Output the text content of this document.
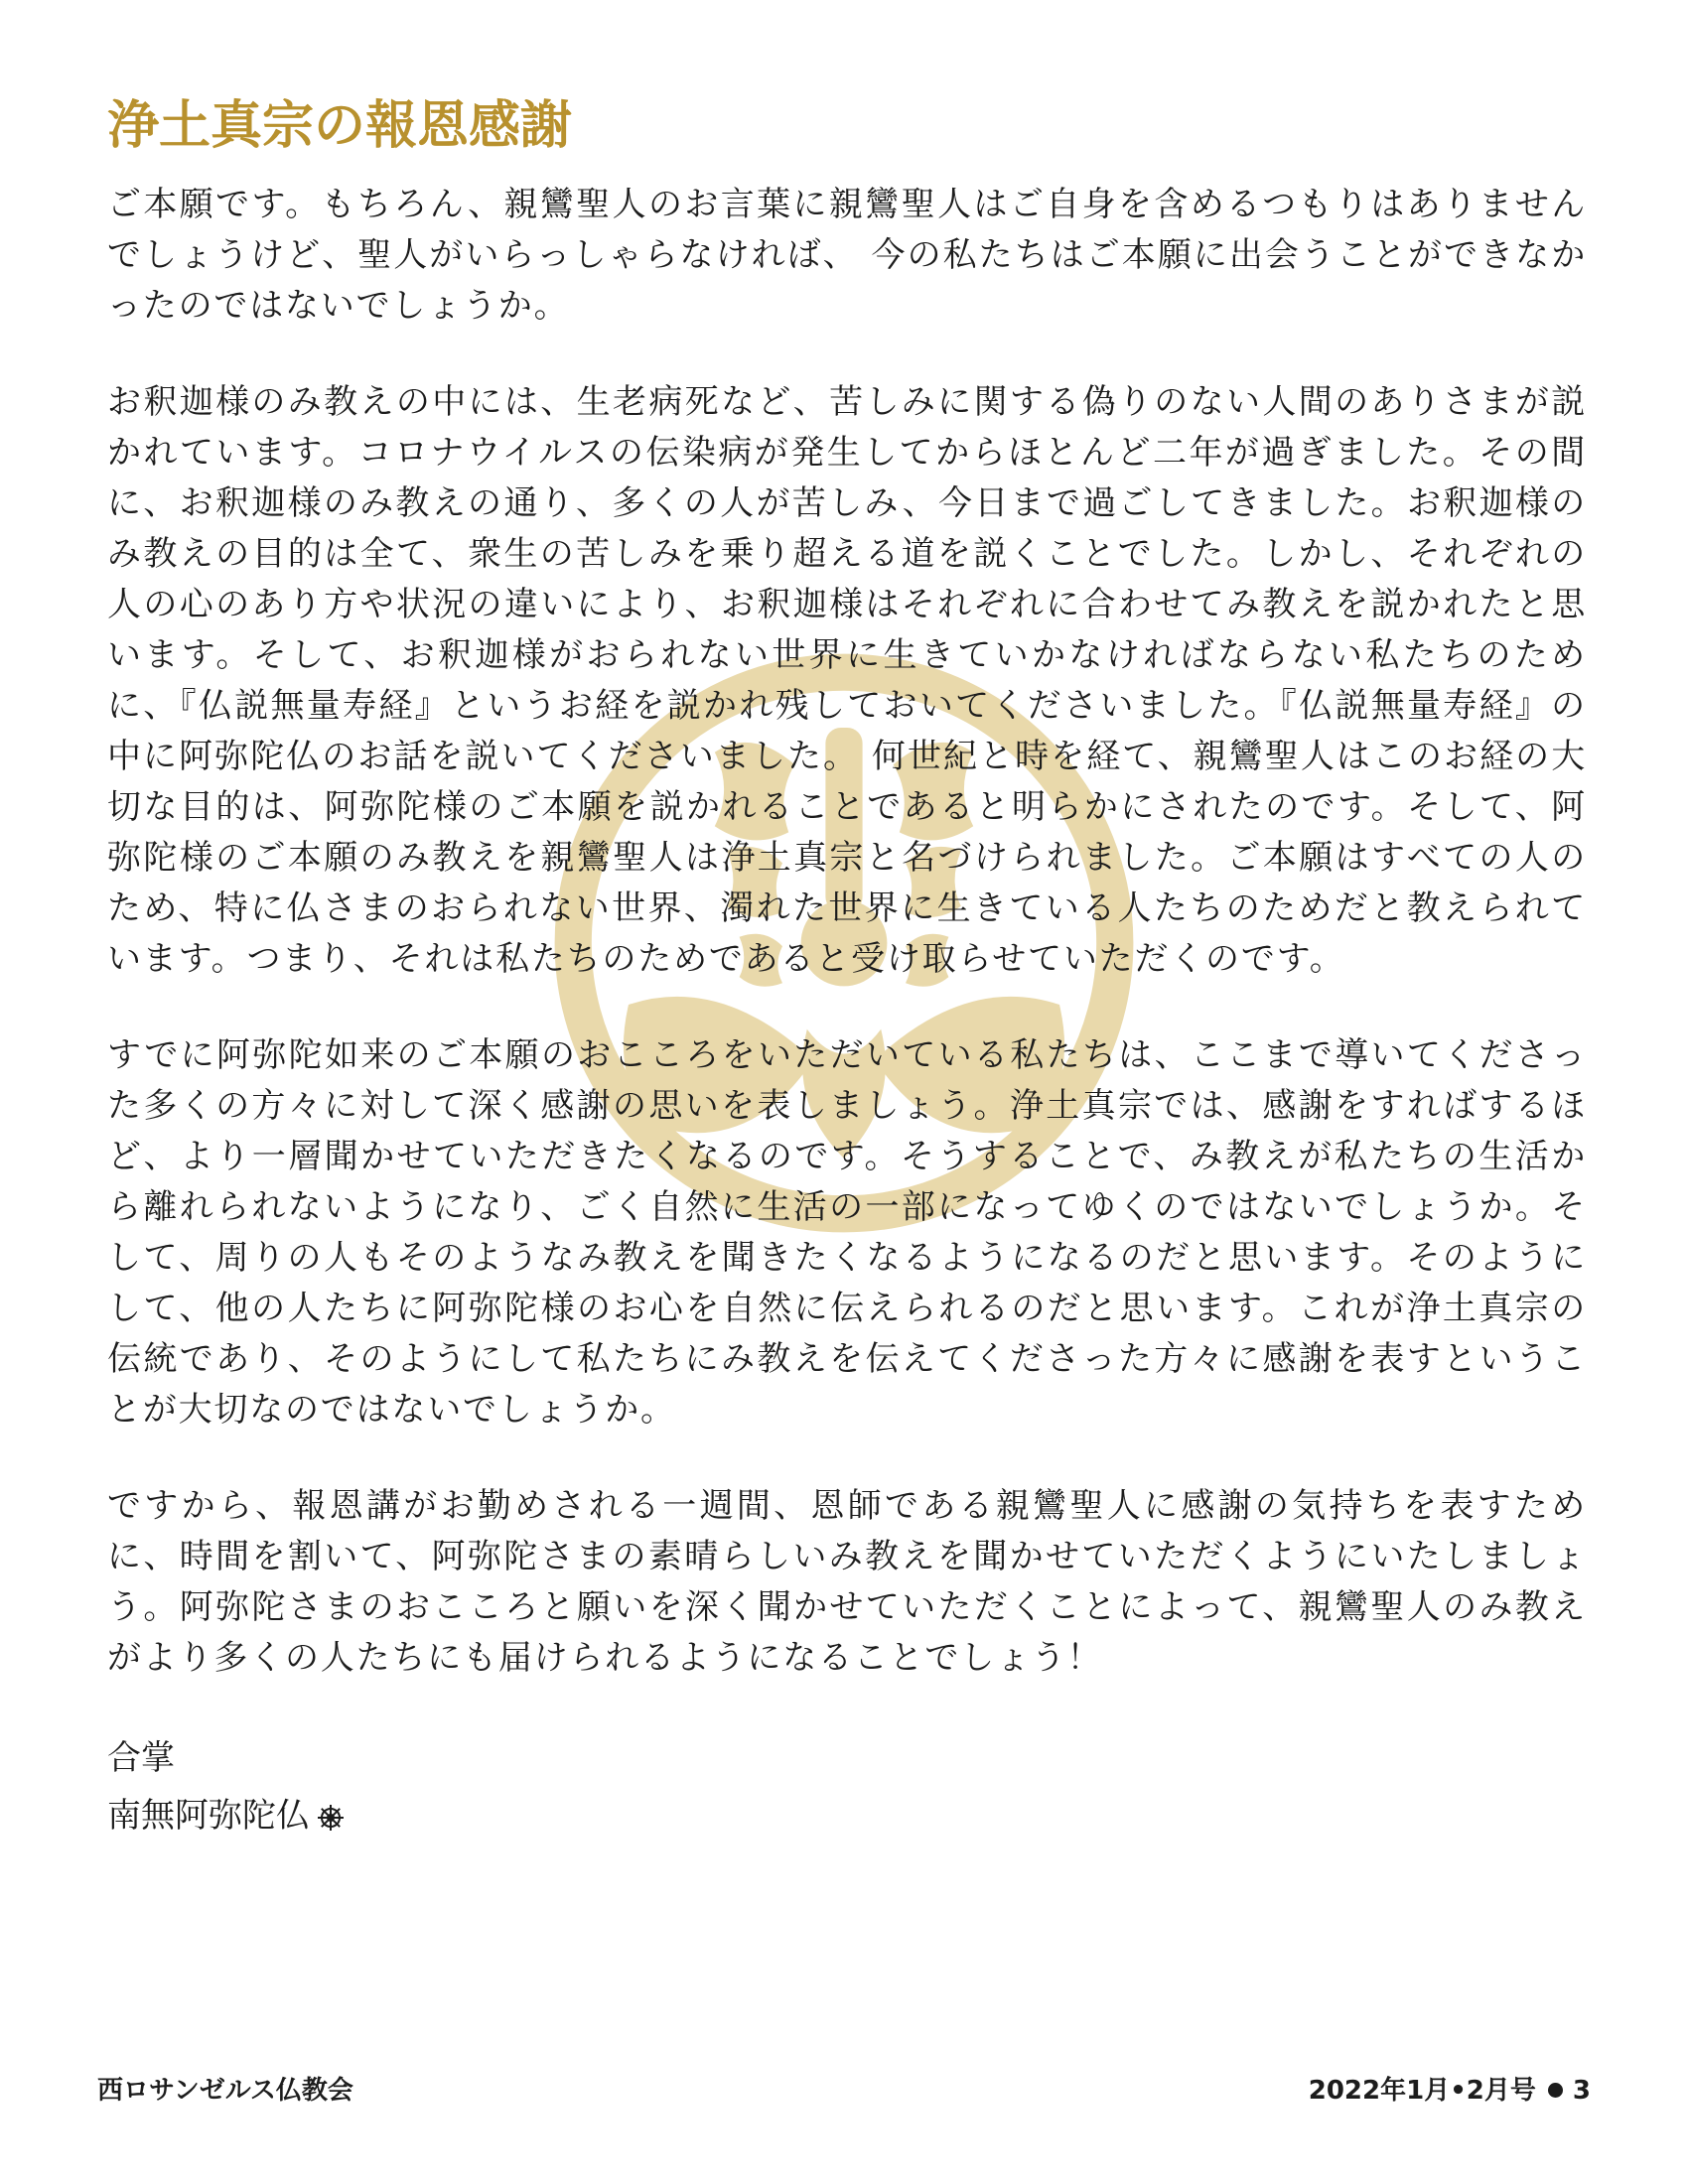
浄土真宗の報恩感謝

ご本願です。もちろん、親鸞聖人のお言葉に親鸞聖人はご自身を含めるつもりはありませんでしょうけど、聖人がいらっしゃらなければ、 今の私たちはご本願に出会うことができなかったのではないでしょうか。

お釈迦様のみ教えの中には、生老病死など、苦しみに関する偽りのない人間のありさまが説かれています。コロナウイルスの伝染病が発生してからほとんど二年が過ぎました。その間に、お釈迦様のみ教えの通り、多くの人が苦しみ、今日まで過ごしてきました。お釈迦様のみ教えの目的は全て、衆生の苦しみを乗り超える道を説くことでした。しかし、それぞれの人の心のあり方や状況の違いにより、お釈迦様はそれぞれに合わせてみ教えを説かれたと思います。そして、お釈迦様がおられない世界に生きていかなければならない私たちのために、『仏説無量寿経』というお経を説かれ残しておいてくださいました。『仏説無量寿経』の中に阿弥陀仏のお話を説いてくださいました。 何世紀と時を経て、親鸞聖人はこのお経の大切な目的は、阿弥陀様のご本願を説かれることであると明らかにされたのです。そして、阿弥陀様のご本願のみ教えを親鸞聖人は浄土真宗と名づけられました。ご本願はすべての人のため、特に仏さまのおられない世界、濁れた世界に生きている人たちのためだと教えられています。つまり、それは私たちのためであると受け取らせていただくのです。

すでに阿弥陀如来のご本願のおこころをいただいている私たちは、ここまで導いてくださった多くの方々に対して深く感謝の思いを表しましょう。浄土真宗では、感謝をすればするほど、より一層聞かせていただきたくなるのです。そうすることで、み教えが私たちの生活から離れられないようになり、ごく自然に生活の一部になってゆくのではないでしょうか。そして、周りの人もそのようなみ教えを聞きたくなるようになるのだと思います。そのようにして、他の人たちに阿弥陀様のお心を自然に伝えられるのだと思います。これが浄土真宗の伝統であり、そのようにして私たちにみ教えを伝えてくださった方々に感謝を表すということが大切なのではないでしょうか。

ですから、報恩講がお勤めされる一週間、恩師である親鸞聖人に感謝の気持ちを表すために、時間を割いて、阿弥陀さまの素晴らしいみ教えを聞かせていただくようにいたしましょう。阿弥陀さまのおこころと願いを深く聞かせていただくことによって、親鸞聖人のみ教えがより多くの人たちにも届けられるようになることでしょう！

合掌
南無阿弥陀仏
西ロサンゼルス仏教会	2022年1月•2月号 3
